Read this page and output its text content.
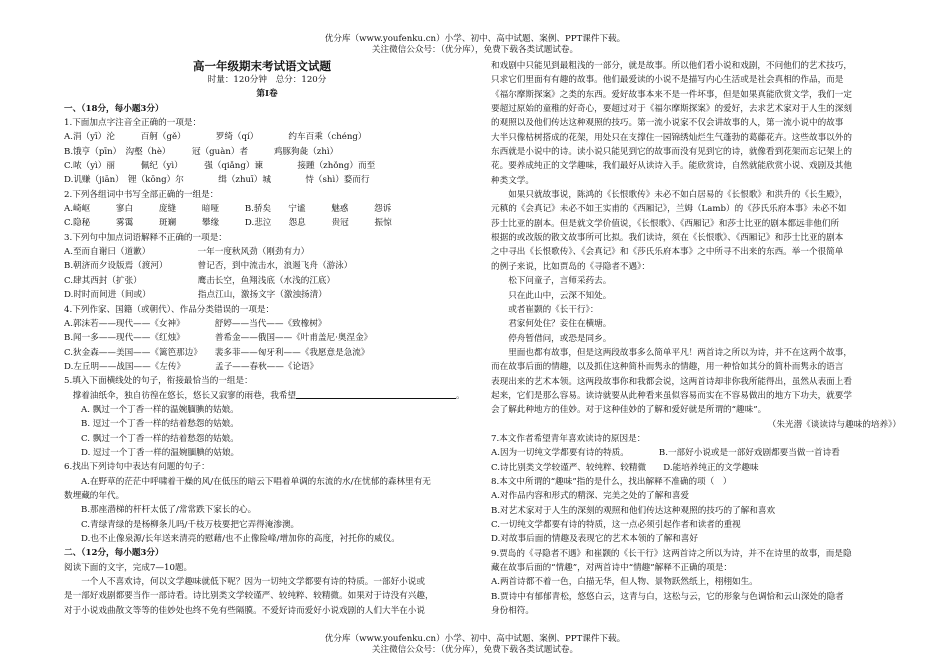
优分库（www.youfenku.cn）小学、初中、高中试题、案例、PPT课件下载。
关注微信公众号：（优分库），免费下载各类试题试卷。
高一年级期末考试语文试题
时量：120分钟　总分：120分
第Ⅰ卷
一、（18分，每小题3分）
1.下面加点字注音全正确的一项是：
A.涓（yī）沦　　　百舸（gě）　　　　罗绮（qí）　　　　约车百乘（chéng）
B.饿亨（pīn）　沟壑（hè）　　　冠（guàn）者　　　鸡豚狗彘（zhì）
C.哝（yì）丽　　　佩纪（yì）　　　强（qiǎng）谏　　　　接踵（zhǒng）而至
D.讥赚（jiān）　锂（kōng）尔　　　　缉（zhuī）城　　　　恃（shì）婺而行
2.下列各组词中书写全部正确的一组是：
A.崎岖　　　寥白　　　庞缝　　　暗哑　　　B.骄矣　　宁谧　　　魅惑　　　怨诉
C.隐秘　　　雾霭　　　斑斓　　　攀缘　　　D.悲泣　　怨息　　　贵冠　　　振惊
3.下列句中加点词语解释不正确的一项是：
A.至而自谢曰（道歉）　　　　　　一年一度秋风劲（刚劲有力）
B.朝济而夕设版焉（渡河）　　　　曾记否，到中流击水，浪遏飞舟（游泳）
C.肆其西封（扩张）　　　　　　　鹰击长空，鱼翔浅底（水浅的江底）
D.时时而间进（间或）　　　　　　指点江山，激扬文字（激浊扬清）
4.下列作家、国籍（或朝代）、作品分类错误的一项是：
A.郭沫若——现代——《女神》　　　　舒婷——当代——《致橡树》
B.闻一多——现代——《红烛》　　　　普希金——俄国——《叶甫盖尼·奥涅金》
C.狄金森——美国——《篱笆那边》　　裴多菲——匈牙利——《我愿意是急流》
D.左丘明——战国——《左传》　　　　孟子——春秋——《论语》
5.填入下面横线处的句子，衔接最恰当的一组是：
　撑着油纸伞，独自彷徨在悠长，悠长又寂寥的雨巷，我希望	。
A. 飘过一个丁香一样的温婉腼腆的姑娘。
B. 逗过一个丁香一样的结着愁怨的姑娘。
C. 飘过一个丁香一样的结着愁怨的姑娘。
D. 逗过一个丁香一样的温婉腼腆的姑娘。
6.找出下列诗句中表达有问题的句子：
A.在野草的茫茫中呼啸着干燥的风/在低压的暗云下唱着单调的东流的水/在忧郁的森林里有无
数埋藏的年代。
B.那座潜梯的杆杆太低了/常常跌下家长的心。
C.青绿青绿的是杨柳条儿吗/千枝万枝要把它弄得淹渗澳。
D.也不止像泉源/长年送来清亮的慰藉/也不止像险峰/增加你的高度，衬托你的威仪。
二、（12分，每小题3分）
阅读下面的文字，完成7—10题。
　　一个人不喜欢诗，何以文学趣味就低下呢？因为一切纯文学都要有诗的特质。一部好小说或
是一部好戏剧都要当作一部诗看。诗比别类文学较谨严、较纯粹、较精微。如果对于诗没有兴趣，
对于小说戏曲散文等等的佳妙处也终不免有些隔膜。不爱好诗而爱好小说戏剧的人们大半在小说
和戏剧中只能见到最粗浅的一部分，就是故事。所以他们看小说和戏剧，不问他们的艺术技巧，
只求它们里面有有趣的故事。他们最爱读的小说不是描写内心生活或是社会真相的作品，而是
《福尔摩斯探案》之类的东西。爱好故事本来不是一件坏事，但是如果真能欣赏文学，我们一定
要超过原始的童稚的好奇心，要超过对于《福尔摩斯探案》的爱好，去求艺术家对于人生的深刻
的观照以及他们传达这种观照的技巧。第一流小说家不仅会讲故事的人，第一流小说中的故事
大半只像枯树搭成的花架，用处只在支撑住一园锦绣灿烂生气蓬勃的葛藤花卉。这些故事以外的
东西就是小说中的诗。读小说只能见到它的故事而没有见到它的诗，就像看到花架而忘记架上的
花。要养成纯正的文学趣味，我们最好从读诗入手。能欣赏诗，自然就能欣赏小说、戏剧及其他
种类文学。
　　如果只就故事说，陈鸿的《长恨歌传》未必不如白居易的《长恨歌》和洪升的《长生殿》，
元稹的《会真记》未必不如王实甫的《西厢记》，兰姆（Lamb）的《莎氏乐府本事》未必不如
莎士比亚的剧本。但是就文学价值说，《长恨歌》、《西厢记》和莎士比亚的剧本都远非他们所
根据的或改版的散文故事所可比拟。我们读诗，须在《长恨歌》、《西厢记》和莎士比亚的剧本
之中寻出《长恨歌传》、《会真记》和《莎氏乐府本事》之中所寻不出来的东西。举一个很简单
的例子来说，比如贾岛的《寻隐者不遇》：
　　松下问童子，言师采药去。
　　只在此山中，云深不知处。
　　或者崔颢的《长干行》：
　　君家何处住？妾住在横塘。
　　停舟暂借问，或恐是同乡。
　　里面也都有故事，但是这两段故事多么简单平凡！两首诗之所以为诗，并不在这两个故事，
而在故事后面的情趣，以及抓住这种简朴而隽永的情趣，用一种恰如其分的简朴而隽永的语言
表现出来的艺术本领。这两段故事你和我都会说，这两首诗却非你我所能得出，虽然从表面上看
起来，它们是那么容易。读诗就要从此种看来虽似容易而实在不容易做出的地方下功夫，就要学
会了解此种地方的佳妙。对于这种佳妙的了解和爱好就是所谓的“趣味”。
（朱光潜《谈读诗与趣味的培养》）
7.本文作者希望青年喜欢读诗的原因是：
A.因为一切纯文学都要有诗的特质。　　　　B.一部好小说或是一部好戏剧都要当做一首诗看
C.诗比别类文学较谨严、较纯粹、较精微　　D.能培养纯正的文学趣味
8.本文中所谓的“趣味”指的是什么，找出解释不准确的项（　）
A.对作品内容和形式的精深、完美之处的了解和喜爱
B.对艺术家对于人生的深刻的观照和他们传达这种观照的技巧的了解和喜欢
C.一切纯文学都要有诗的特质，这一点必须引起作者和读者的重视
D.对故事后面的情趣及表现它的艺术本领的了解和喜好
9.贾岛的《寻隐者不遇》和崔颢的《长干行》这两首诗之所以为诗，并不在诗里的故事，而是隐
藏在故事后面的“情趣”，对两首诗中“情趣”解释不正确的项是：
A.两首诗都不着一色，白描无华，但人物、景物跃然纸上，栩栩如生。
B.贾诗中有郁郁青松，悠悠白云，这青与白，这松与云，它的形象与色调恰和云山深处的隐者
身份相符。
优分库（www.youfenku.cn）小学、初中、高中试题、案例、PPT课件下载。
关注微信公众号：（优分库），免费下载各类试题试卷。
